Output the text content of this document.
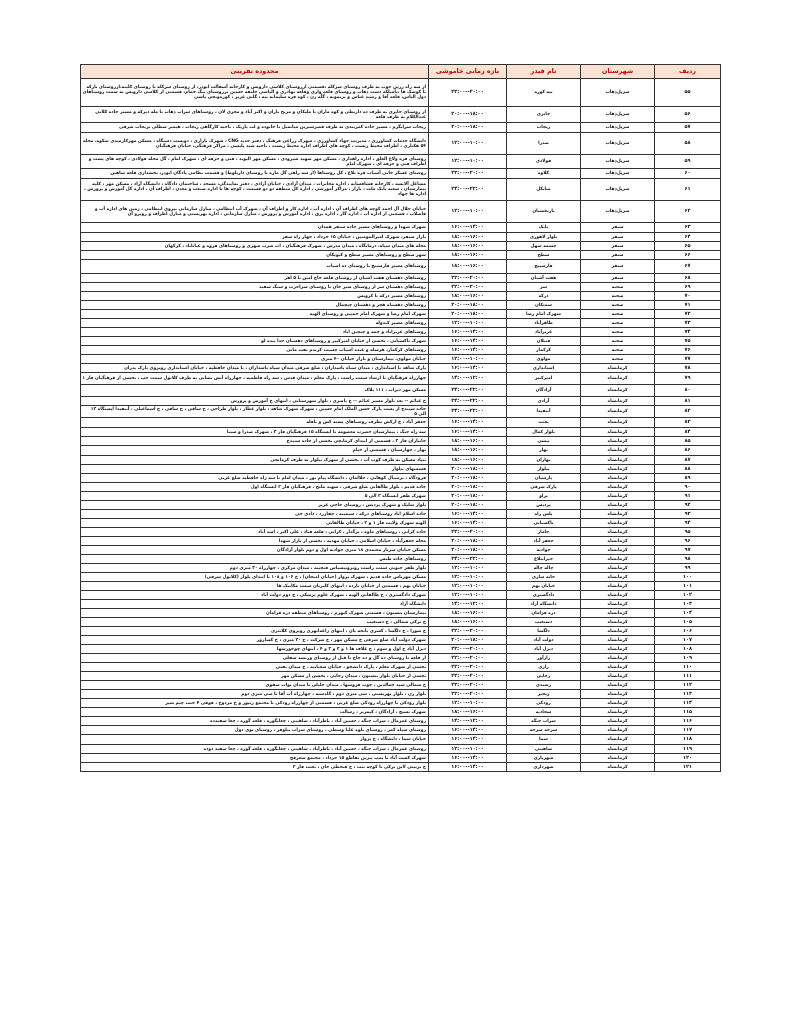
ردیف	شهرستان	نام فیدر	بازه زمانی خاموشی	محدوده تقریبی
۵۵	سرپل‌ذهاب	تپه کوره	۲۰:۰۰--۲۲:۰۰	از سه راه زرین جوب به طرف روستای سرکله ،قسمتی ازروستای کلاسی دارویس و کارخانه آسفالت ابوذر، از روستای سرکله تا روستای کلینه،ازروستای بارکه تا کوشک ها ،بامیلکه دشت ذهاب و روستای قلعه واری وقلعه بهادری و الیاسی خلیفه حسین بزروستای تنگ حمام، قسمتی از کلاسی دارویس به سمت روستاهای دول الیاس، قلعه آقا و رشید عباس و بریمونه ، گلّه زن ، کوه فره سلیمانه تپه ، گلتی عزیز ، کوره‌ونجی یاشی
۵۶	سرپل‌ذهاب	جابری	۱۸:۰۰--۲۰:۰۰	از روستای جابری به طرف ده داربطی و کوه ماران تا ملیکان و مریخ باران و اکبر آباد و مجری لان ، روستاهای سراب ذهاب تا مله دیرکه و مسیر جاده کلاتی عبدالکلام به طرف قلعه
۵۷	سرپل‌ذهاب	ریجاب	۱۸:۰۰--۲۰:۰۰	ریجاب سرابگرم ، مسیر جاده کمربندی به طرف قصرشیرین میانمیل تا خانوده و لب بازیک ، ناحیه کارگاهی ریجاب ، هیمتر سطلی بریجاب شرقی
۵۸	سرپل‌ذهاب	صدرا	۱۰:۰۰--۱۲:۰۰	دانشگاه خدمات کشاورزی ، مدیریت جهاد کشاورزی ، شهرک زراعی فرهنگ ، دفتر جدید CNG ، شهرک بازاری ، دوبست دستگاه ، مسکن مهرکارمندی شکوه، محله ۵۴ هکتاری ، اطراف محیط زیست ، کوچه های اطراف اداره محیط زیست ، ناحیه شید پلیسی ، مراکز فرهنگی، خیابان فرهنگیان
۵۹	سرپل‌ذهاب	فولادی	۱۰:۰۰--۱۲:۰۰	روستای فره ولاغ الغلق ، اداره راهداری ، مسکن مهر شهید شیرودی ، مسکن مهر الیوند ، فنی و حرفه ای ، شهرک امام ، گل محله فولادی ، کوچه های پشت و اطراف فنی و حرفه ای ، شهرک امام
۶۰	سرپل‌ذهاب	کلاوه	۲۰:۰۰--۲۲:۰۰	روستای عسکر خانی آسیاب قره بلاغ ، کل روستاها (از سه راهی گل ماره تا روستای داربلوط) و قسمت نظامی پادگان ابوذر، بخشداری قلعه شاهین
۶۱	سرپل‌ذهاب	میانکل	۲۲:۰۰--۲۴:۰۰	مشاغل آلایشه ، کارخانه فشافسانه ، اداره مخابرات ، میدان آزادی ، خیابان آزادی ، دفتر نمایندگی، مسجد ، ساختمان دادگاه ، دانشگاه آزاد ، مسکن مهر ، کلیه بیمارستان ، شعبه بانک ملت ، بازار ، مراکز آموزشی ، اداره کل منطقه دو دو قسمت ، کوچه ها تا اداره صنعت و معدن ، اطراف آن ، اداره کل آموزش و پرورش ، اداره ها جهاد
۶۲	سرپل‌ذهاب	نارنجستان	۱۰:۰۰--۱۲:۰۰	خیابان جلال آل احمد کوچه های اطراف آن ، اداره آب ، اداره کار و اطراف آن ، شهرک آب انتظامی ، منازل سازمانی نیروی انتظامی ، زمین های اداره آب و فاضلاب ، قسمتی از اداره آب ، اداره گاز ، اداره برق ، اداره آموزش و پرورش ، منازل سازمانی ، اداره بهزیستی و منازل اطراف و روبرو آن
۶۳	سنقر	بابک	۱۴:۰۰--۱۶:۰۰	شهرک شهدا و روستاهای مسیر جاده سنقر همدان
۶۴	سنقر	بلوار لاهوری	۱۶:۰۰--۱۸:۰۰	بازار سنقر، شهرک امیرالمومنین ، خیابان ۱۵ خرداد ، جهار راه سقر
۶۵	سنقر	چشمه سهل	۱۶:۰۰--۱۸:۰۰	محله های میدان سپاه، درمانگاه ، میدان مدرس ، شهرک فرهنگیان ، اب شرب شهری و روستاهای فروه و غیاثاباد ، کرکهان
۶۶	سنقر	سطح	۱۶:۰۰--۱۸:۰۰	شهر سطح و روستاهای مسیر سطح و کیوتکان
۶۷	سنقر	فارسینج	۱۶:۰۰--۱۸:۰۰	روستاهای مسیر فارسینج تا روستای ده اسیاب
۶۸	سنقر	هفت آشیان	۲۰:۰۰--۲۲:۰۰	روستاهای دهستان هفت اشیان از روستای قلعه حاج امین تا ۵ اهر
۶۹	صحنه	سر	۲۰:۰۰--۲۲:۰۰	روستاهای دهستان سر از روستای شیر خان تا روستای سراخرت و سنگ سفید
۷۰	صحنه	درکه	۱۶:۰۰--۱۸:۰۰	روستاهای مسیر درکه تا کرویس
۷۱	صحنه	سمتکان	۱۸:۰۰--۲۰:۰۰	روستاهای دهستاه هجر و دهستان چیچمال
۷۲	صحنه	شهرک امام رضا	۱۸:۰۰--۲۰:۰۰	شهرک امام رضا و شهرک امام خمینی و روستای الهیه
۷۳	صحنه	ظاهرآباد	۱۰:۰۰--۱۲:۰۰	روستاهای مسیر کندوله
۷۴	صحنه	عزیزآباد	۱۴:۰۰--۱۶:۰۰	روستاهای عزیزاباد و چمه و چیچین اباد
۷۵	صحنه	فتنلان	۱۴:۰۰--۱۶:۰۰	شهرک تاکستانی ، بخشی از خیابان امیرکبیر و روستاهای دهستان خدا بنده لو
۷۶	صحنه	کرکمار	۱۴:۰۰--۱۶:۰۰	روستاهای کرکمار، هرسله و عبده اسپاب چسبت کرندم نفت مانی
۷۷	صحنه	مولوی	۱۰:۰۰--۱۲:۰۰	خیابان مولوی، بیمارستان و بازار خیابان ۴۰ متری
۷۸	کرمانشاه	استانداری	۱۴:۰۰--۱۶:۰۰	پارک شاهد تا استانداری ، میدان سپاه پاسداران ، ضلع شرقی میدان سپاه پاسداران ، تا میدان حافظیه ، خیابان استانداری روبروی پارک پدران
۷۹	کرمانشاه	امیرکبیر	۱۲:۰۰--۱۴:۰۰	چهارراه فرهنگیان تا ارشاد سمت راست ، پارک معلم ، میدان قدس ، سه راه فاطمیه ، چهارراه آتش نشانی به طرف کلانول سمت چپ ، بخشی از فرهنگیان فاز ۱
۸۰	کرمانشاه	آزادگان	۲۲:۰۰--۲۴:۰۰	مسکن مهر دیزاب ، ۱۱۱ پلاک
۸۱	کرمانشاه	آزادی	۲۲:۰۰--۲۴:۰۰	خ غنائم -- بعد بلوار مسیر غنائم -- خ ناصری ، بلوار شهرستانی ، انتهای خ آموزش و پرورش
۸۲	کرمانشاه	آنتفیدا	۲۲:۰۰--۲۴:۰۰	جاده سنندج از پست پارک حسن الملک امام حسین ، شهرک شهرک شاهد ، بلوار عطار ، بلوار طراحی ، خ ساقی ، خ ساقی ، خ اسماعیلی ، آنتفیدا ایستگاه ۱۲ الی ۵
۸۳	کرمانشاه	بعثت	۱۴:۰۰--۱۶:۰۰	جعفر آباد ، خ ازکش بطرف روستاهای پشته کش و بافله
۸۴	کرمانشاه	بلوار کمال	۱۴:۰۰--۱۶:۰۰	سه راه جنگ ، بیمارستان حضرت معصومه تا ایستگاه ۱۵ فرهنگیان فاز ۳ ، شهرک صدرا و سینا
۸۵	کرمانشاه	بیشی	۱۶:۰۰--۱۸:۰۰	جانبازان فاز ۳ ، قسمتی از ابتدای کرمانچی بخشی از جاده سنندج
۸۶	کرمانشاه	بهار	۱۶:۰۰--۱۸:۰۰	بهار ، چهارستان ، قسمتی از خیام
۸۷	کرمانشاه	بهاران	۱۶:۰۰--۱۸:۰۰	بنیاد مسکن به طرف کوت آب ، بخشی از شهرک بیلوار به طرف کرمانچی
۸۸	کرمانشاه	بیلوار	۱۸:۰۰--۲۰:۰۰	قسمتهای بیلوار
۸۹	کرمانشاه	پارسیان	۱۸:۰۰--۲۰:۰۰	فرودگاه ، ترمینال کوهانی ، جلالمان ، دانشگاه پیام نور ، میدان امام تا سه راه حافظیه ضلع غربی
۹۰	کرمانشاه	پارک شرقی	۱۸:۰۰--۲۰:۰۰	جاده قدیم ، بلوار طالقانی ضلع شرقی ، شهید ملتح ، فرهنگیان فاز ۲ ایستگاه اول
۹۱	کرمانشاه	پزاو	۱۸:۰۰--۲۰:۰۰	شهرک ظفر ایستگاه ۳ الی ۵
۹۲	کرمانشاه	پردیس	۱۸:۰۰--۲۰:۰۰	بلوار شلیک و شهرک پردیس ، روستای حاجی عزیز
۹۳	کرمانشاه	پلس راه	۱۴:۰۰--۱۶:۰۰	جاده اسلام اباد روستاهای درکه ، سیمینه ، چقازرد ، دادی جی
۹۴	کرمانشاه	تاکستانی	۱۴:۰۰--۱۶:۰۰	الهیه شهرک ولایت فاز ۱ و ۲ ، خیابان طالقانی
۹۵	کرمانشاه	جاماز	۲۰:۰۰--۲۲:۰۰	جاده کرانی ، روستاهای ماوه ، برگدار ، کرانی ، قلعه قباد ، علی اکبر ، اسد آباد
۹۶	کرمانشاه	جعفر آباد	۱۸:۰۰--۲۰:۰۰	محله جعفرآباد ، خیابان اسلامی ، خیابان مهدیه ، بخشی از بازار شهدا
۹۷	کرمانشاه	جوادیه	۱۸:۰۰--۲۰:۰۰	مسکن خیابان سرباز معتمدی ۱۸ متری جوادیه اول و دوم بلوار آزادگان
۹۸	کرمانشاه	جیرانبلاغ	۲۲:۰۰--۲۴:۰۰	روستاهای جاده طبس
۹۹	کرمانشاه	چاله چاله	۱۰:۰۰--۱۲:۰۰	بلوار ظفر جنوبی سمت راست روبروتیسیاس فنچینه ، میدان مرکزی ، چهارراه ۳۰ متری دوم
۱۰۰	کرمانشاه	خانه سازی	۱۰:۰۰--۱۲:۰۰	مسکن مهریاس جاده قدیم ، شهرک پرواز (خیابان امتحان) ، خ ۱۰۶ و ۱۰۸ تا ابتدای بلوار (کلانول شرقی)
۱۰۱	کرمانشاه	خیابان نهم	۱۰:۰۰--۱۲:۰۰	خیابان نهم ، قسمتی از خیابان یازده ، انتهای کلبرنان سمت مکانیک ها
۱۰۲	کرمانشاه	دادگستری	۱۰:۰۰--۱۲:۰۰	شهرک دادگستری ، خ طالقانی الهیه ، شهرک علوم پزشکی ، خ دوم دولت آباد
۱۰۳	کرمانشاه	دانشگاه آزاد	۱۲:۰۰--۱۴:۰۰	دانشگاه آزاد
۱۰۴	کرمانشاه	دره فرامان	۱۶:۰۰--۱۸:۰۰	بیمارستان بیستون ، قسمتی شهرک کیهرم ، روستاهای منطقه دره فرامان
۱۰۵	کرمانشاه	دستغیب	۱۶:۰۰--۱۸:۰۰	خ ترکی شمالی ، خ دستغیب
۱۰۶	کرمانشاه	دلگشا	۲۰:۰۰--۲۲:۰۰	خ شورا ، خ دلگشا ، کسری بانجه بان ، انتهای زاغه‌ابهری روبروی کلانتری
۱۰۷	کرمانشاه	دولت آباد	۱۸:۰۰--۲۰:۰۰	شهرک دولت آباد ضلع شرقی خ مسکن مهر ، خ شرکت ، خ ۳۰ متری ، خ کسازور
۱۰۸	کرمانشاه	دیزل آباد	۲۰:۰۰--۲۲:۰۰	دیزل آباد خ اول و سوم ، خ علاف ها ۱ و ۲ و ۳ و ۴ ، انتهای چوخورشها
۱۰۹	کرمانشاه	رازآور	۲۰:۰۰--۲۲:۰۰	از قلعه تا روستای ده گل و ده چاخ تا قبل از روستای ورنشه سفلی
۱۱۰	کرمانشاه	رازی	۲۰:۰۰--۲۲:۰۰	بخشی از شهرک معلم ، پارک دانشجو ، خیابان شعبانیه ، خ میدان نفتی
۱۱۱	کرمانشاه	رجایی	۲۰:۰۰--۲۲:۰۰	بخشی از خیابان بلوار بیستون ، میدان رجایی ، بخشی از مسکن مهر
۱۱۲	کرمانشاه	رشیدی	۲۰:۰۰--۲۲:۰۰	خ شمالی سید جمالدین ، چوب فروشها ، میدان خلیلی تا میدان نواب صفوی
۱۱۳	کرمانشاه	زنجیر	۲۰:۰۰--۲۲:۰۰	بلوار زن ، بلوار بهزیستی ، سی متری دوم ، گلدسته ، چهارراه آب آقا تا سی متری دوم
۱۱۴	کرمانشاه	رودکی	۱۰:۰۰--۱۲:۰۰	بلوار رودکی تا چهارراه رودکی ضلع غربی ، قسمتی از چهارراه رودکی تا مجتمع زنبور و خ مردوخ ، فوقی ۴ جنب چیم شیر
۱۱۵	کرمانشاه	سجاديه	۱۶:۰۰--۱۸:۰۰	شهرک بسیج ، آزادگان ، کیمرنز ، رسالت
۱۱۶	کرمانشاه	سراب جنگه	۱۲:۰۰--۱۴:۰۰	روستای عمرمال ، سراب جنگه ، حسین آباد ، ناظرآباد ، شاهینی ، چغانگوره ، قلعه گوزه ، چغا سفیدده
۱۱۷	کرمانشاه	سرخه سرخه	۱۴:۰۰--۱۶:۰۰	روستای سیاه کمر ، روستای بلوه علیا وسطی ، روستای سراب نیلوفر ، روستای توی دول
۱۱۸	کرمانشاه	سما	۱۴:۰۰--۱۶:۰۰	خیابان سما ، دانشگاه ، خ پرواز
۱۱۹	کرمانشاه	شاهینی	۱۰:۰۰--۱۲:۰۰	روستای عمرمال ، سراب جنگه ، حسین آباد ، ناظرآباد ، شاهینی ، چغانگوره ، قلعه گوزه ، چغا سفید دوده
۱۲۰	کرمانشاه	شهریاری	۱۴:۰۰--۱۶:۰۰	شهرک کشت آباد تا پمپ بنزین تقاطع ۱۵ خرداد ، مجتمع سعرفخ
۱۲۱	کرمانشاه	شهرداری	۱۴:۰۰--۱۶:۰۰	خ تربیتی لاین ترکی تا کوچه ثبت ، خ فنحطی خان ، بعثت فاز ۲
